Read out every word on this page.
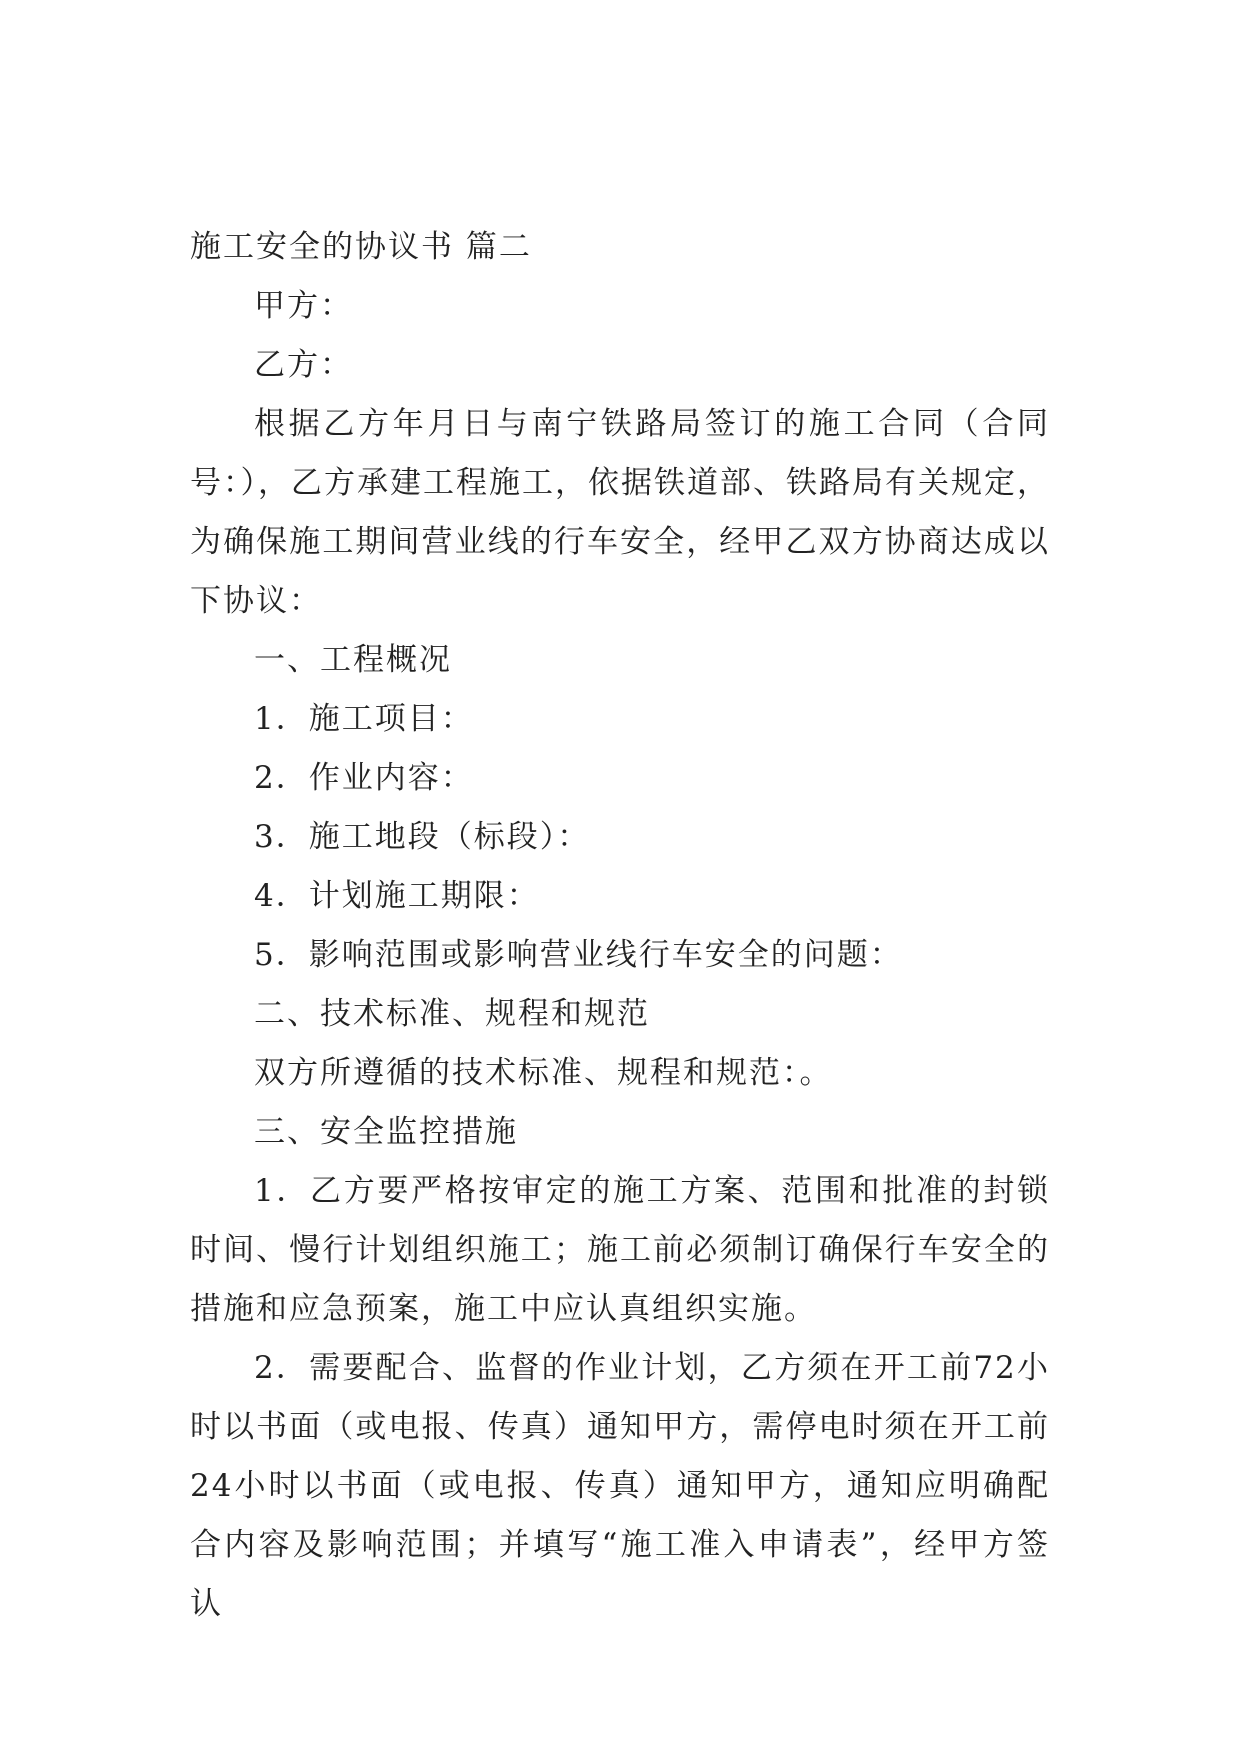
施工安全的协议书 篇二

甲方：

乙方：

根据乙方年月日与南宁铁路局签订的施工合同（合同号：），乙方承建工程施工，依据铁道部、铁路局有关规定，为确保施工期间营业线的行车安全，经甲乙双方协商达成以下协议：

一、工程概况

1．施工项目：

2．作业内容：

3．施工地段（标段）：

4．计划施工期限：

5．影响范围或影响营业线行车安全的问题：

二、技术标准、规程和规范

双方所遵循的技术标准、规程和规范：。

三、安全监控措施

1．乙方要严格按审定的施工方案、范围和批准的封锁时间、慢行计划组织施工；施工前必须制订确保行车安全的措施和应急预案，施工中应认真组织实施。

2．需要配合、监督的作业计划，乙方须在开工前72小时以书面（或电报、传真）通知甲方，需停电时须在开工前24小时以书面（或电报、传真）通知甲方，通知应明确配合内容及影响范围；并填写“施工准入申请表”，经甲方签认
